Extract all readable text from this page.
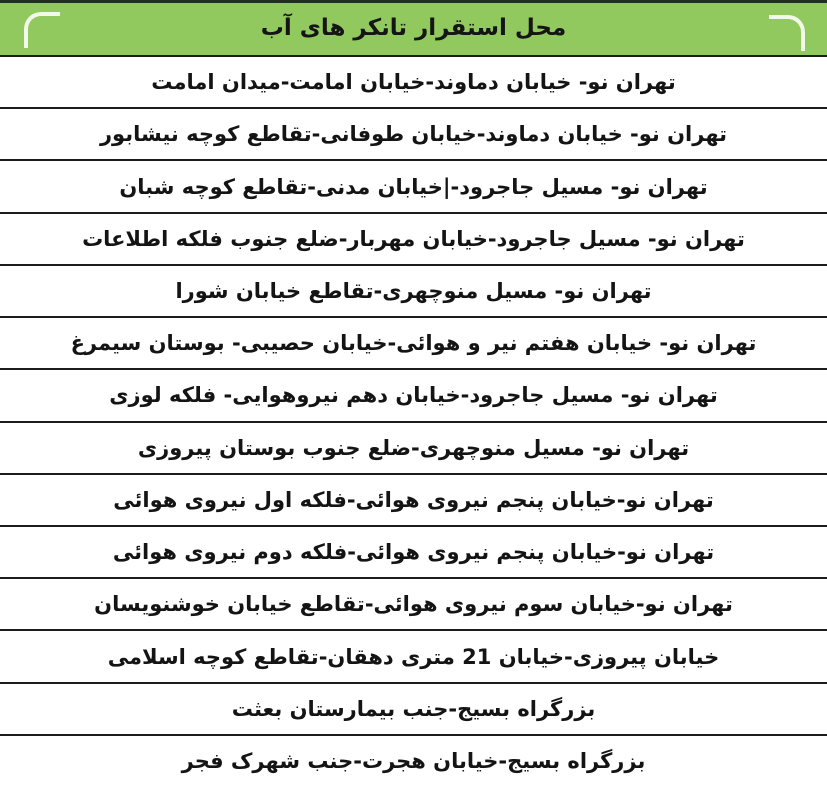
محل استقرار تانکر های آب
تهران نو- خیابان دماوند-خیابان امامت-میدان امامت
تهران نو- خیابان دماوند-خیابان طوفانی-تقاطع کوچه نیشابور
تهران نو- مسیل جاجرود-|خیابان مدنی-تقاطع کوچه شبان
تهران نو- مسیل جاجرود-خیابان مهربار-ضلع جنوب فلکه اطلاعات
تهران نو- مسیل منوچهری-تقاطع خیابان شورا
تهران نو- خیابان هفتم نیر و هوائی-خیابان حصیبی- بوستان سیمرغ
تهران نو- مسیل جاجرود-خیابان دهم نیروهوایی- فلکه لوزی
تهران نو- مسیل منوچهری-ضلع جنوب بوستان پیروزی
تهران نو-خیابان پنجم نیروی هوائی-فلکه اول نیروی هوائی
تهران نو-خیابان پنجم نیروی هوائی-فلکه دوم نیروی هوائی
تهران نو-خیابان سوم نیروی هوائی-تقاطع خیابان خوشنویسان
خیابان پیروزی-خیابان 21 متری دهقان-تقاطع کوچه اسلامی
بزرگراه بسیج-جنب بیمارستان بعثت
بزرگراه بسیج-خیابان هجرت-جنب شهرک فجر
